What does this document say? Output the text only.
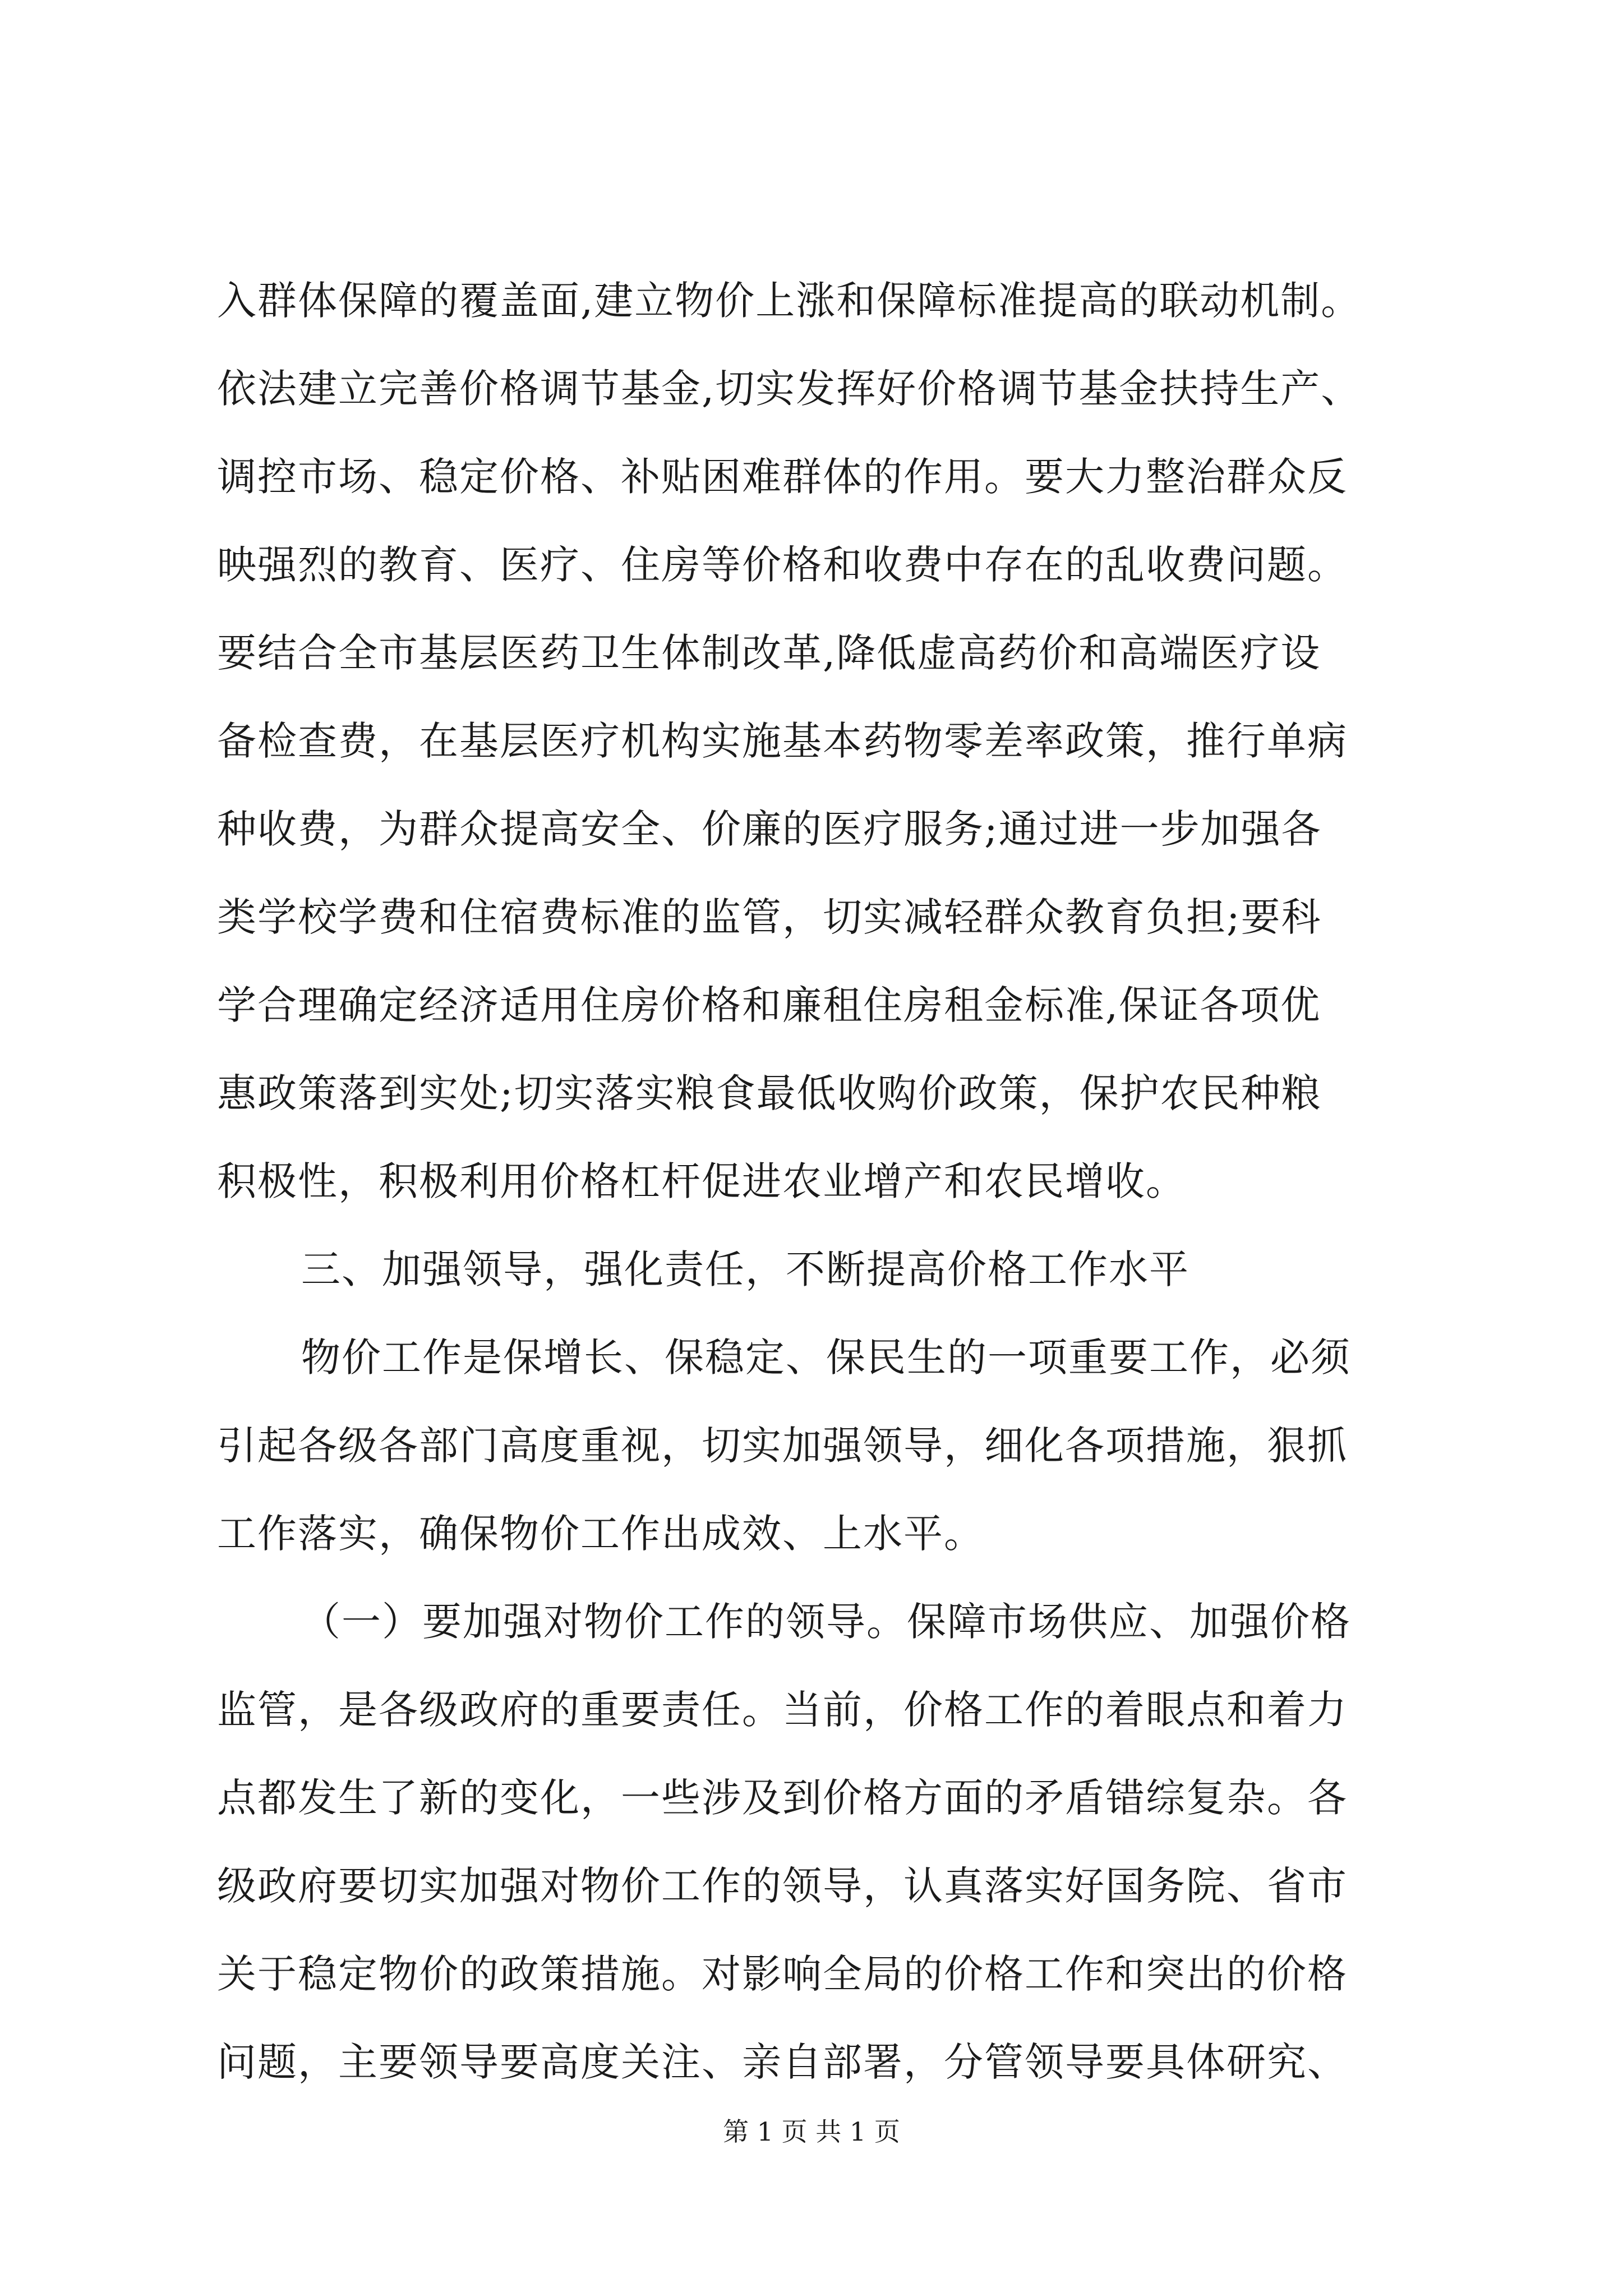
入群体保障的覆盖面,建立物价上涨和保障标准提高的联动机制。
依法建立完善价格调节基金,切实发挥好价格调节基金扶持生产、
调控市场、稳定价格、补贴困难群体的作用。要大力整治群众反
映强烈的教育、医疗、住房等价格和收费中存在的乱收费问题。
要结合全市基层医药卫生体制改革,降低虚高药价和高端医疗设
备检查费，在基层医疗机构实施基本药物零差率政策，推行单病
种收费，为群众提高安全、价廉的医疗服务;通过进一步加强各
类学校学费和住宿费标准的监管，切实减轻群众教育负担;要科
学合理确定经济适用住房价格和廉租住房租金标准,保证各项优
惠政策落到实处;切实落实粮食最低收购价政策，保护农民种粮
积极性，积极利用价格杠杆促进农业增产和农民增收。
三、加强领导，强化责任，不断提高价格工作水平
物价工作是保增长、保稳定、保民生的一项重要工作，必须
引起各级各部门高度重视，切实加强领导，细化各项措施，狠抓
工作落实，确保物价工作出成效、上水平。
（一）要加强对物价工作的领导。保障市场供应、加强价格
监管，是各级政府的重要责任。当前，价格工作的着眼点和着力
点都发生了新的变化，一些涉及到价格方面的矛盾错综复杂。各
级政府要切实加强对物价工作的领导，认真落实好国务院、省市
关于稳定物价的政策措施。对影响全局的价格工作和突出的价格
问题，主要领导要高度关注、亲自部署，分管领导要具体研究、
第 1 页 共 1 页
